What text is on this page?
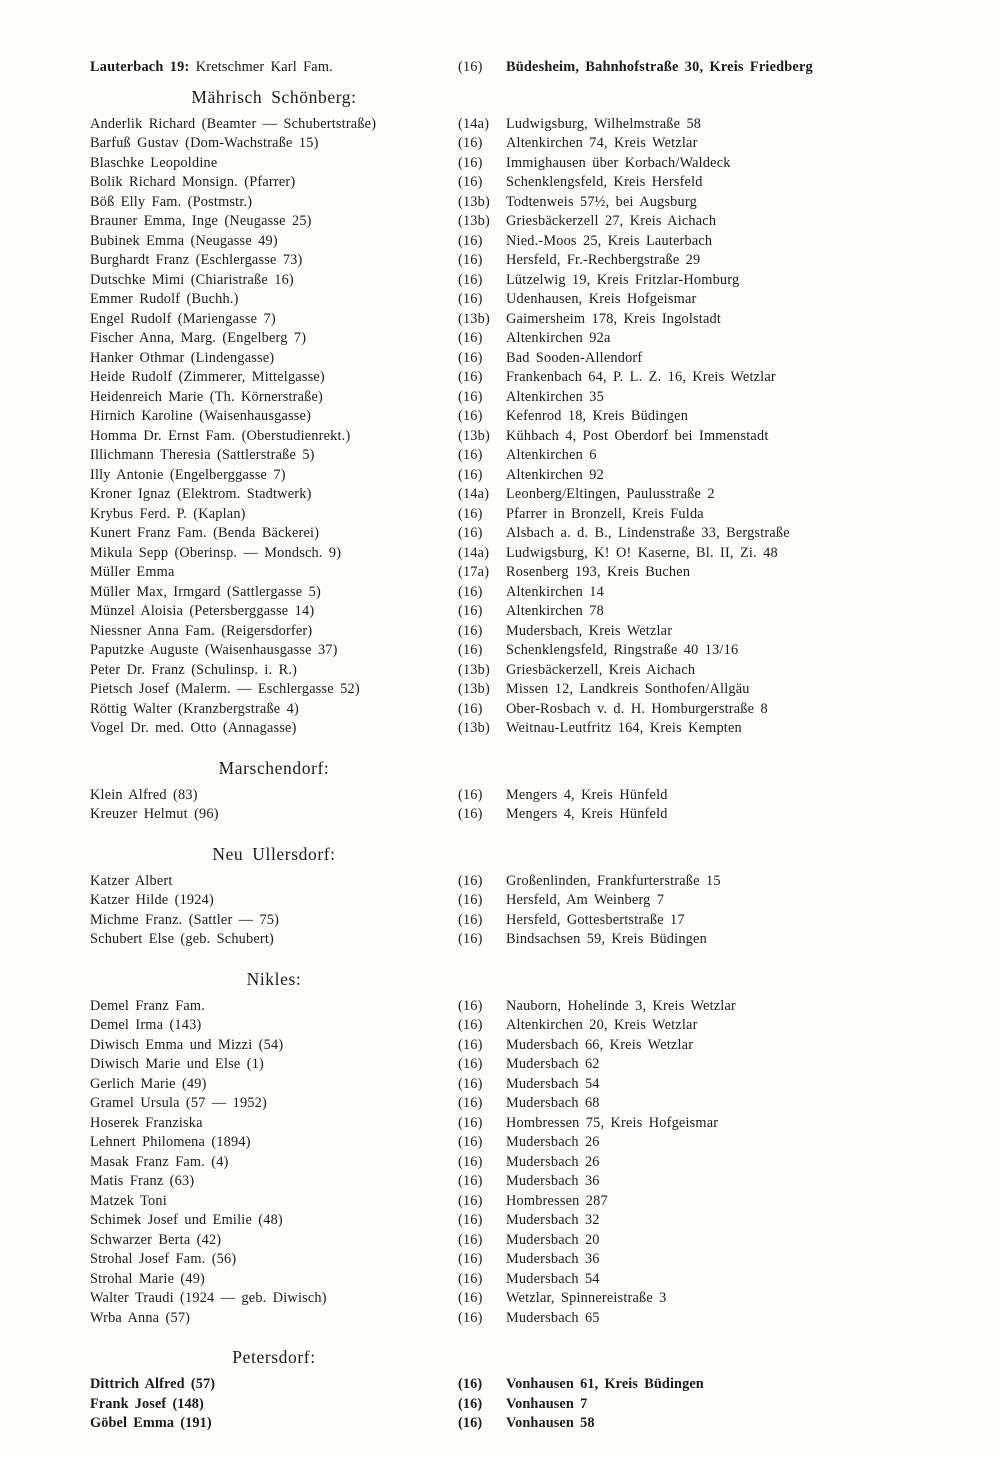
Lauterbach 19: Kretschmer Karl Fam.	(16)	Büdesheim, Bahnhofstraße 30, Kreis Friedberg
Mährisch Schönberg:
Anderlik Richard (Beamter — Schubertstraße)	(14a)	Ludwigsburg, Wilhelmstraße 58
Barfuß Gustav (Dom-Wachstraße 15)	(16)	Altenkirchen 74, Kreis Wetzlar
Blaschke Leopoldine	(16)	Immighausen über Korbach/Waldeck
Bolik Richard Monsign. (Pfarrer)	(16)	Schenklengsfeld, Kreis Hersfeld
Böß Elly Fam. (Postmstr.)	(13b)	Todtenweis 57½, bei Augsburg
Brauner Emma, Inge (Neugasse 25)	(13b)	Griesbäckerzell 27, Kreis Aichach
Bubinek Emma (Neugasse 49)	(16)	Nied.-Moos 25, Kreis Lauterbach
Burghardt Franz (Eschlergasse 73)	(16)	Hersfeld, Fr.-Rechbergstraße 29
Dutschke Mimi (Chiaristraße 16)	(16)	Lützelwig 19, Kreis Fritzlar-Homburg
Emmer Rudolf (Buchh.)	(16)	Udenhausen, Kreis Hofgeismar
Engel Rudolf (Mariengasse 7)	(13b)	Gaimersheim 178, Kreis Ingolstadt
Fischer Anna, Marg. (Engelberg 7)	(16)	Altenkirchen 92a
Hanker Othmar (Lindengasse)	(16)	Bad Sooden-Allendorf
Heide Rudolf (Zimmerer, Mittelgasse)	(16)	Frankenbach 64, P. L. Z. 16, Kreis Wetzlar
Heidenreich Marie (Th. Körnerstraße)	(16)	Altenkirchen 35
Hirnich Karoline (Waisenhausgasse)	(16)	Kefenrod 18, Kreis Büdingen
Homma Dr. Ernst Fam. (Oberstudienrekt.)	(13b)	Kühbach 4, Post Oberdorf bei Immenstadt
Illichmann Theresia (Sattlerstraße 5)	(16)	Altenkirchen 6
Illy Antonie (Engelberggasse 7)	(16)	Altenkirchen 92
Kroner Ignaz (Elektrom. Stadtwerk)	(14a)	Leonberg/Eltingen, Paulusstraße 2
Krybus Ferd. P. (Kaplan)	(16)	Pfarrer in Bronzell, Kreis Fulda
Kunert Franz Fam. (Benda Bäckerei)	(16)	Alsbach a. d. B., Lindenstraße 33, Bergstraße
Mikula Sepp (Oberinsp. — Mondsch. 9)	(14a)	Ludwigsburg, K! O! Kaserne, Bl. II, Zi. 48
Müller Emma	(17a)	Rosenberg 193, Kreis Buchen
Müller Max, Irmgard (Sattlergasse 5)	(16)	Altenkirchen 14
Münzel Aloisia (Petersberggasse 14)	(16)	Altenkirchen 78
Niessner Anna Fam. (Reigersdorfer)	(16)	Mudersbach, Kreis Wetzlar
Paputzke Auguste (Waisenhausgasse 37)	(16)	Schenklengsfeld, Ringstraße 40 13/16
Peter Dr. Franz (Schulinsp. i. R.)	(13b)	Griesbäckerzell, Kreis Aichach
Pietsch Josef (Malerm. — Eschlergasse 52)	(13b)	Missen 12, Landkreis Sonthofen/Allgäu
Röttig Walter (Kranzbergstraße 4)	(16)	Ober-Rosbach v. d. H. Homburgerstraße 8
Vogel Dr. med. Otto (Annagasse)	(13b)	Weitnau-Leutfritz 164, Kreis Kempten
Marschendorf:
Klein Alfred (83)	(16)	Mengers 4, Kreis Hünfeld
Kreuzer Helmut (96)	(16)	Mengers 4, Kreis Hünfeld
Neu Ullersdorf:
Katzer Albert	(16)	Großenlinden, Frankfurterstraße 15
Katzer Hilde (1924)	(16)	Hersfeld, Am Weinberg 7
Michme Franz. (Sattler — 75)	(16)	Hersfeld, Gottesbertstraße 17
Schubert Else (geb. Schubert)	(16)	Bindsachsen 59, Kreis Büdingen
Nikles:
Demel Franz Fam.	(16)	Nauborn, Hohelinde 3, Kreis Wetzlar
Demel Irma (143)	(16)	Altenkirchen 20, Kreis Wetzlar
Diwisch Emma und Mizzi (54)	(16)	Mudersbach 66, Kreis Wetzlar
Diwisch Marie und Else (1)	(16)	Mudersbach 62
Gerlich Marie (49)	(16)	Mudersbach 54
Gramel Ursula (57 — 1952)	(16)	Mudersbach 68
Hoserek Franziska	(16)	Hombressen 75, Kreis Hofgeismar
Lehnert Philomena (1894)	(16)	Mudersbach 26
Masak Franz Fam. (4)	(16)	Mudersbach 26
Matis Franz (63)	(16)	Mudersbach 36
Matzek Toni	(16)	Hombressen 287
Schimek Josef und Emilie (48)	(16)	Mudersbach 32
Schwarzer Berta (42)	(16)	Mudersbach 20
Strohal Josef Fam. (56)	(16)	Mudersbach 36
Strohal Marie (49)	(16)	Mudersbach 54
Walter Traudi (1924 — geb. Diwisch)	(16)	Wetzlar, Spinnereistraße 3
Wrba Anna (57)	(16)	Mudersbach 65
Petersdorf:
Dittrich Alfred (57)	(16)	Vonhausen 61, Kreis Büdingen
Frank Josef (148)	(16)	Vonhausen 7
Göbel Emma (191)	(16)	Vonhausen 58
